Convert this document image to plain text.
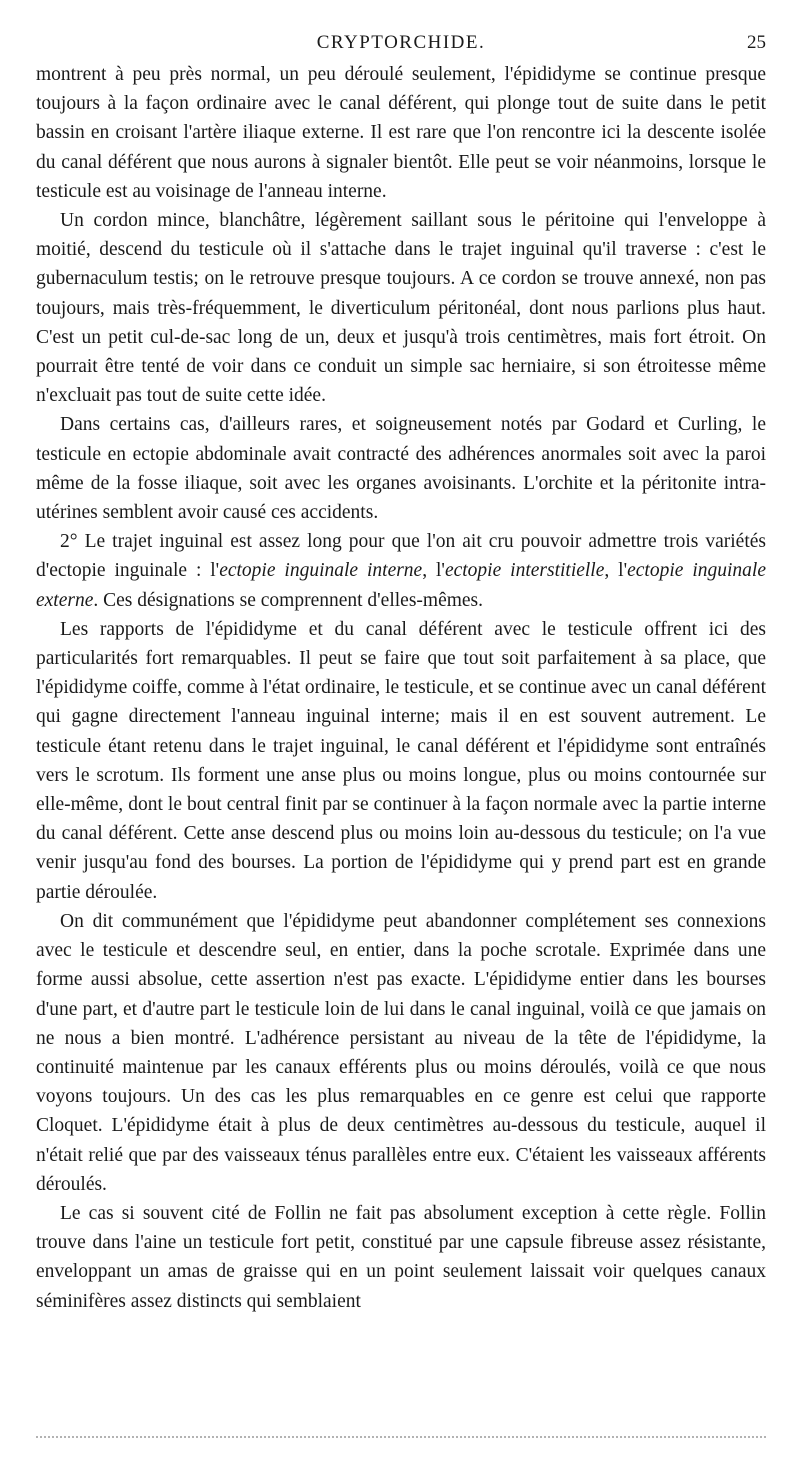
CRYPTORCHIDE.	25

montrent à peu près normal, un peu déroulé seulement, l'épididyme se continue presque toujours à la façon ordinaire avec le canal déférent, qui plonge tout de suite dans le petit bassin en croisant l'artère iliaque externe. Il est rare que l'on rencontre ici la descente isolée du canal déférent que nous aurons à signaler bientôt. Elle peut se voir néanmoins, lorsque le testicule est au voisinage de l'anneau interne.

Un cordon mince, blanchâtre, légèrement saillant sous le péritoine qui l'enveloppe à moitié, descend du testicule où il s'attache dans le trajet inguinal qu'il traverse : c'est le gubernaculum testis; on le retrouve presque toujours. A ce cordon se trouve annexé, non pas toujours, mais très-fréquemment, le diverticulum péritonéal, dont nous parlions plus haut. C'est un petit cul-de-sac long de un, deux et jusqu'à trois centimètres, mais fort étroit. On pourrait être tenté de voir dans ce conduit un simple sac herniaire, si son étroitesse même n'excluait pas tout de suite cette idée.

Dans certains cas, d'ailleurs rares, et soigneusement notés par Godard et Curling, le testicule en ectopie abdominale avait contracté des adhérences anormales soit avec la paroi même de la fosse iliaque, soit avec les organes avoisinants. L'orchite et la péritonite intra-utérines semblent avoir causé ces accidents.

2° Le trajet inguinal est assez long pour que l'on ait cru pouvoir admettre trois variétés d'ectopie inguinale : l'ectopie inguinale interne, l'ectopie interstitielle, l'ectopie inguinale externe. Ces désignations se comprennent d'elles-mêmes.

Les rapports de l'épididyme et du canal déférent avec le testicule offrent ici des particularités fort remarquables. Il peut se faire que tout soit parfaitement à sa place, que l'épididyme coiffe, comme à l'état ordinaire, le testicule, et se continue avec un canal déférent qui gagne directement l'anneau inguinal interne; mais il en est souvent autrement. Le testicule étant retenu dans le trajet inguinal, le canal déférent et l'épididyme sont entraînés vers le scrotum. Ils forment une anse plus ou moins longue, plus ou moins contournée sur elle-même, dont le bout central finit par se continuer à la façon normale avec la partie interne du canal déférent. Cette anse descend plus ou moins loin au-dessous du testicule; on l'a vue venir jusqu'au fond des bourses. La portion de l'épididyme qui y prend part est en grande partie déroulée.

On dit communément que l'épididyme peut abandonner complétement ses connexions avec le testicule et descendre seul, en entier, dans la poche scrotale. Exprimée dans une forme aussi absolue, cette assertion n'est pas exacte. L'épididyme entier dans les bourses d'une part, et d'autre part le testicule loin de lui dans le canal inguinal, voilà ce que jamais on ne nous a bien montré. L'adhérence persistant au niveau de la tête de l'épididyme, la continuité maintenue par les canaux efférents plus ou moins déroulés, voilà ce que nous voyons toujours. Un des cas les plus remarquables en ce genre est celui que rapporte Cloquet. L'épididyme était à plus de deux centimètres au-dessous du testicule, auquel il n'était relié que par des vaisseaux ténus parallèles entre eux. C'étaient les vaisseaux afférents déroulés.

Le cas si souvent cité de Follin ne fait pas absolument exception à cette règle. Follin trouve dans l'aine un testicule fort petit, constitué par une capsule fibreuse assez résistante, enveloppant un amas de graisse qui en un point seulement laissait voir quelques canaux séminifères assez distincts qui semblaient
